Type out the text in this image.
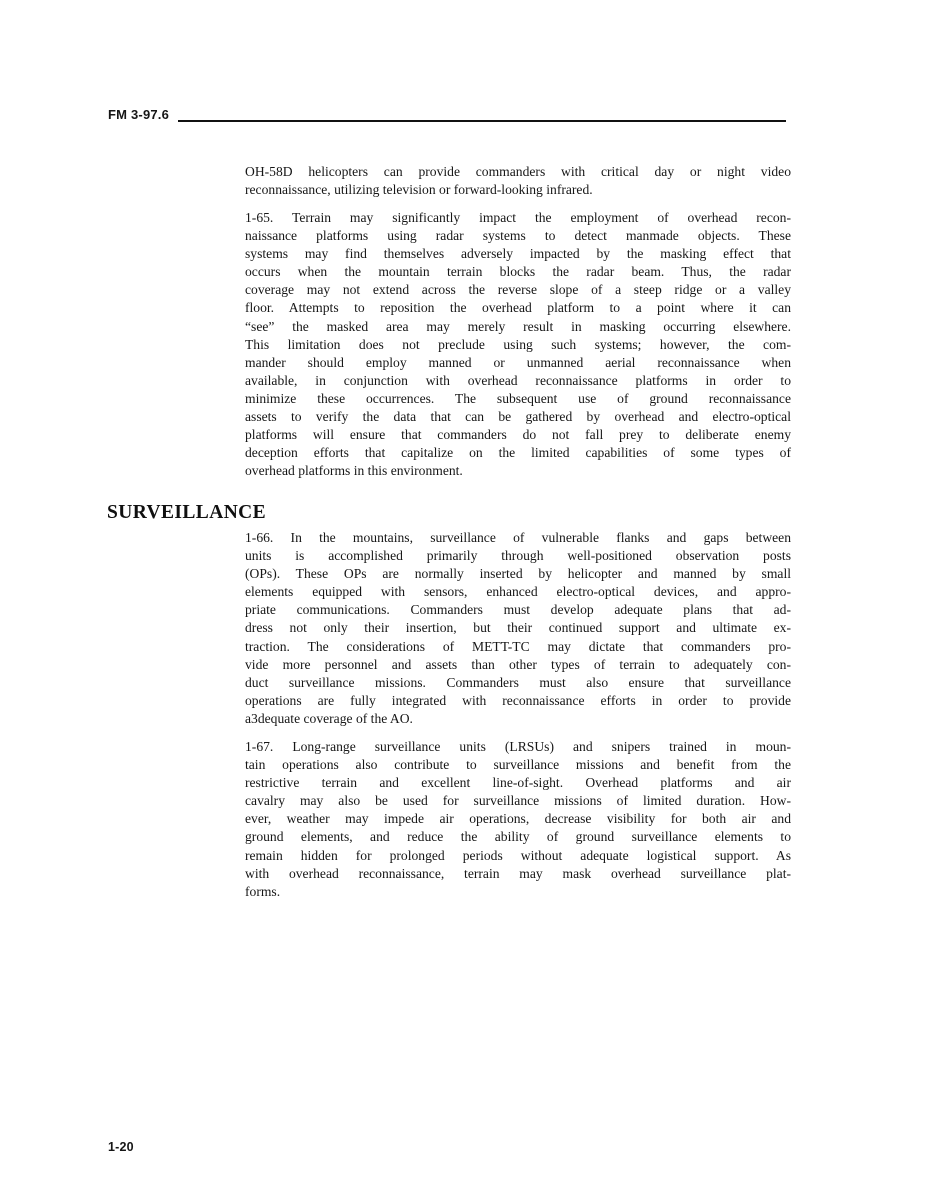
FM 3-97.6
OH-58D helicopters can provide commanders with critical day or night video
reconnaissance, utilizing television or forward-looking infrared.
1-65. Terrain may significantly impact the employment of overhead recon-
naissance platforms using radar systems to detect manmade objects. These
systems may find themselves adversely impacted by the masking effect that
occurs when the mountain terrain blocks the radar beam. Thus, the radar
coverage may not extend across the reverse slope of a steep ridge or a valley
floor. Attempts to reposition the overhead platform to a point where it can
“see” the masked area may merely result in masking occurring elsewhere.
This limitation does not preclude using such systems; however, the com-
mander should employ manned or unmanned aerial reconnaissance when
available, in conjunction with overhead reconnaissance platforms in order to
minimize these occurrences. The subsequent use of ground reconnaissance
assets to verify the data that can be gathered by overhead and electro-optical
platforms will ensure that commanders do not fall prey to deliberate enemy
deception efforts that capitalize on the limited capabilities of some types of
overhead platforms in this environment.
SURVEILLANCE
1-66. In the mountains, surveillance of vulnerable flanks and gaps between
units is accomplished primarily through well-positioned observation posts
(OPs). These OPs are normally inserted by helicopter and manned by small
elements equipped with sensors, enhanced electro-optical devices, and appro-
priate communications. Commanders must develop adequate plans that ad-
dress not only their insertion, but their continued support and ultimate ex-
traction. The considerations of METT-TC may dictate that commanders pro-
vide more personnel and assets than other types of terrain to adequately con-
duct surveillance missions. Commanders must also ensure that surveillance
operations are fully integrated with reconnaissance efforts in order to provide
a3dequate coverage of the AO.
1-67. Long-range surveillance units (LRSUs) and snipers trained in moun-
tain operations also contribute to surveillance missions and benefit from the
restrictive terrain and excellent line-of-sight. Overhead platforms and air
cavalry may also be used for surveillance missions of limited duration. How-
ever, weather may impede air operations, decrease visibility for both air and
ground elements, and reduce the ability of ground surveillance elements to
remain hidden for prolonged periods without adequate logistical support. As
with overhead reconnaissance, terrain may mask overhead surveillance plat-
forms.
1-20
